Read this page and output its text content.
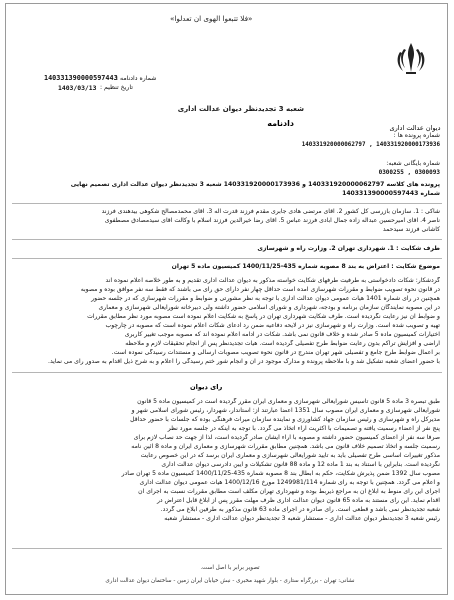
«فلا تتبعوا الهوی ان تعدلوا»
دیوان عدالت اداری
شعبه 3 تجدیدنظر دیوان عدالت اداری
دادنامه
140331390000597443
شماره دادنامه :
1403/03/13 تاریخ تنظیم :
شماره پرونده ها :
140331920000062797 , 140331920000173936
شماره بایگانی شعبه:
0300255 , 0300093
پرونده های کلاسه 140331920000062797 و 140331920000173936 شعبه 3 تجدیدنظر دیوان عدالت اداری تصمیم نهایی
شماره 140331390000597443
شاکی : 1. سازمان بازرسی کل کشور 2. آقای مرتضی هادی جابری مقدم فرزند قدرت اله 3. آقای محمدمصالح شکوهی بیدهندی فرزند
ناصر 4. آقای امیرحسین عبداله زاده جمال آبادی فرزند عباس 5. آقای رضا خیرالدین فرزند اسلام با وکالت آقای سیدمصادق مصطفوی
کاشانی فرزند سیدحمد
طرف شکایت : 1. شهرداری تهران 2. وزارت راه و شهرسازی
موضوع شکایت : اعتراض به بند 8 مصوبه شماره 435-1400/11/25 کمیسیون ماده 5 تهران
گردشکار: شکات دادخواستی به طرفیت طرفهای شکایت خواسته مذکور به دیوان عدالت اداری تقدیم و به طور خلاصه اعلام نموده اند
در قانون نحوه تصویب ضوابط و مقررات شهرسازی آمده است حداقل چهار نفر دارای حق رای می باشند که فقط سه نفر موافق بوده و مصوبه
همچنین در رای شماره 1401 هیات عمومی دیوان عدالت اداری با توجه به نظر مشورتی و ضوابط و مقررات شهرسازی که در جلسه حضور
در این مصوبه نمایندگان سازمان برنامه و بودجه، شهرداری و شورای اسلامی حضور داشته ولی دبیرخانه شورایعالی شهرسازی و معماری
و ضوابط آن نیز رعایت نگردیده است. طرف شکایت شهرداری تهران در پاسخ به شکایت اعلام نموده است مصوبه مورد نظر مطابق مقررات
تهیه و تصویب شده است. وزارت راه و شهرسازی نیز در لایحه دفاعیه ضمن رد ادعای شکات اعلام نموده است که مصوبه در چارچوب
اختیارات کمیسیون ماده 5 صادر شده و خلاف قانون نمی باشد. شکات در ادامه اعلام نموده اند که مصوبه موجب تغییر کاربری
اراضی و افزایش تراکم بدون رعایت ضوابط طرح تفصیلی گردیده است. هیات تجدیدنظر پس از انجام تحقیقات لازم و ملاحظه
بر اعمال ضوابط طرح جامع و تفصیلی شهر تهران مندرج در قانون نحوه تصویب مصوبات ارسالی و مستندات رسیدگی نموده است.
با حضور اعضای شعبه تشکیل شد و با ملاحظه پرونده و مدارک موجود در آن و انجام شور ختم رسیدگی را اعلام و به شرح ذیل اقدام به صدور رای می نماید.
رای دیوان
طبق تبصره 3 ماده 5 قانون تاسیس شورایعالی شهرسازی و معماری ایران مقرر گردیده است در کمیسیون ماده 5 قانون
شورایعالی شهرسازی و معماری ایران مصوب سال 1351 اعضا عبارتند از: استاندار، شهردار، رئیس شورای اسلامی شهر و
مدیرکل راه و شهرسازی و رئیس سازمان جهاد کشاورزی و نماینده سازمان میراث فرهنگی بوده که جلسات با حضور حداقل
پنج نفر از اعضاء رسمیت یافته و تصمیمات با اکثریت آراء اتخاذ می گردد. با توجه به اینکه در جلسه مورد نظر
صرفا سه نفر از اعضای کمیسیون حضور داشته و مصوبه با آراء ایشان صادر گردیده است، لذا از جهت حد نصاب لازم برای
رسمیت جلسه و اتخاذ تصمیم خلاف قانون می باشد. همچنین مطابق مقررات شهرسازی و معماری ایران و ماده 8 آئین نامه
مذکور تغییرات اساسی طرح تفصیلی باید به تایید شورایعالی شهرسازی و معماری ایران برسد که در این خصوص رعایت
نگردیده است. بنابراین با استناد به بند 1 ماده 12 و ماده 88 قانون تشکیلات و آیین دادرسی دیوان عدالت اداری
مصوب سال 1392 ضمن پذیرش شکایت، حکم به ابطال بند 8 مصوبه شماره 435-1400/11/25 کمیسیون ماده 5 تهران صادر
و اعلام می گردد. همچنین با توجه به رای شماره 1249981/114 مورخ 1400/12/16 هیات عمومی دیوان عدالت اداری
اجرای این رای منوط به ابلاغ آن به مراجع ذیربط بوده و شهرداری تهران مکلف است مطابق مقررات نسبت به اجرای آن
اقدام نماید. این رای مستند به ماده 65 قانون دیوان عدالت اداری ظرف مهلت مقرر پس از ابلاغ قابل اعتراض در
شعبه تجدیدنظر نمی باشد و قطعی است. رای صادره در اجرای ماده 63 قانون مذکور به طرفین ابلاغ می گردد.
رئیس شعبه 3 تجدیدنظر دیوان عدالت اداری - مستشار شعبه 3 تجدیدنظر دیوان عدالت اداری - مستشار شعبه
تصویر برابر با اصل است.
نشانی: تهران - بزرگراه ستاری - بلوار شهید مخبری - نبش خیابان ایران زمین - ساختمان دیوان عدالت اداری
